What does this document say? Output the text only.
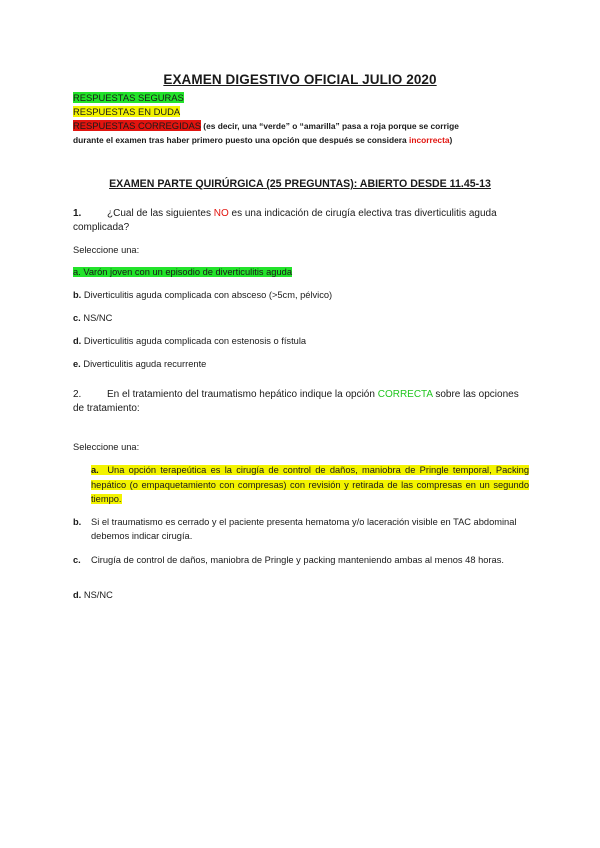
EXAMEN DIGESTIVO OFICIAL JULIO 2020
RESPUESTAS SEGURAS
RESPUESTAS EN DUDA
RESPUESTAS CORREGIDAS (es decir, una “verde” o “amarilla” pasa a roja porque se corrige
durante el examen tras haber primero puesto una opción que después se considera incorrecta)
EXAMEN PARTE QUIRÚRGICA (25 PREGUNTAS): ABIERTO DESDE 11.45-13
1.	¿Cual de las siguientes NO es una indicación de cirugía electiva tras diverticulitis aguda complicada?
Seleccione una:
a. Varón joven con un episodio de diverticulitis aguda
b. Diverticulitis aguda complicada con absceso (>5cm, pélvico)
c. NS/NC
d. Diverticulitis aguda complicada con estenosis o fístula
e. Diverticulitis aguda recurrente
2.	En el tratamiento del traumatismo hepático indique la opción CORRECTA sobre las opciones de tratamiento:
Seleccione una:
a. Una opción terapeútica es la cirugía de control de daños, maniobra de Pringle temporal, Packing hepático (o empaquetamiento con compresas) con revisión y retirada de las compresas en un segundo tiempo.
b. Si el traumatismo es cerrado y el paciente presenta hematoma y/o laceración visible en TAC abdominal debemos indicar cirugía.
c. Cirugía de control de daños, maniobra de Pringle y packing manteniendo ambas al menos 48 horas.
d. NS/NC
